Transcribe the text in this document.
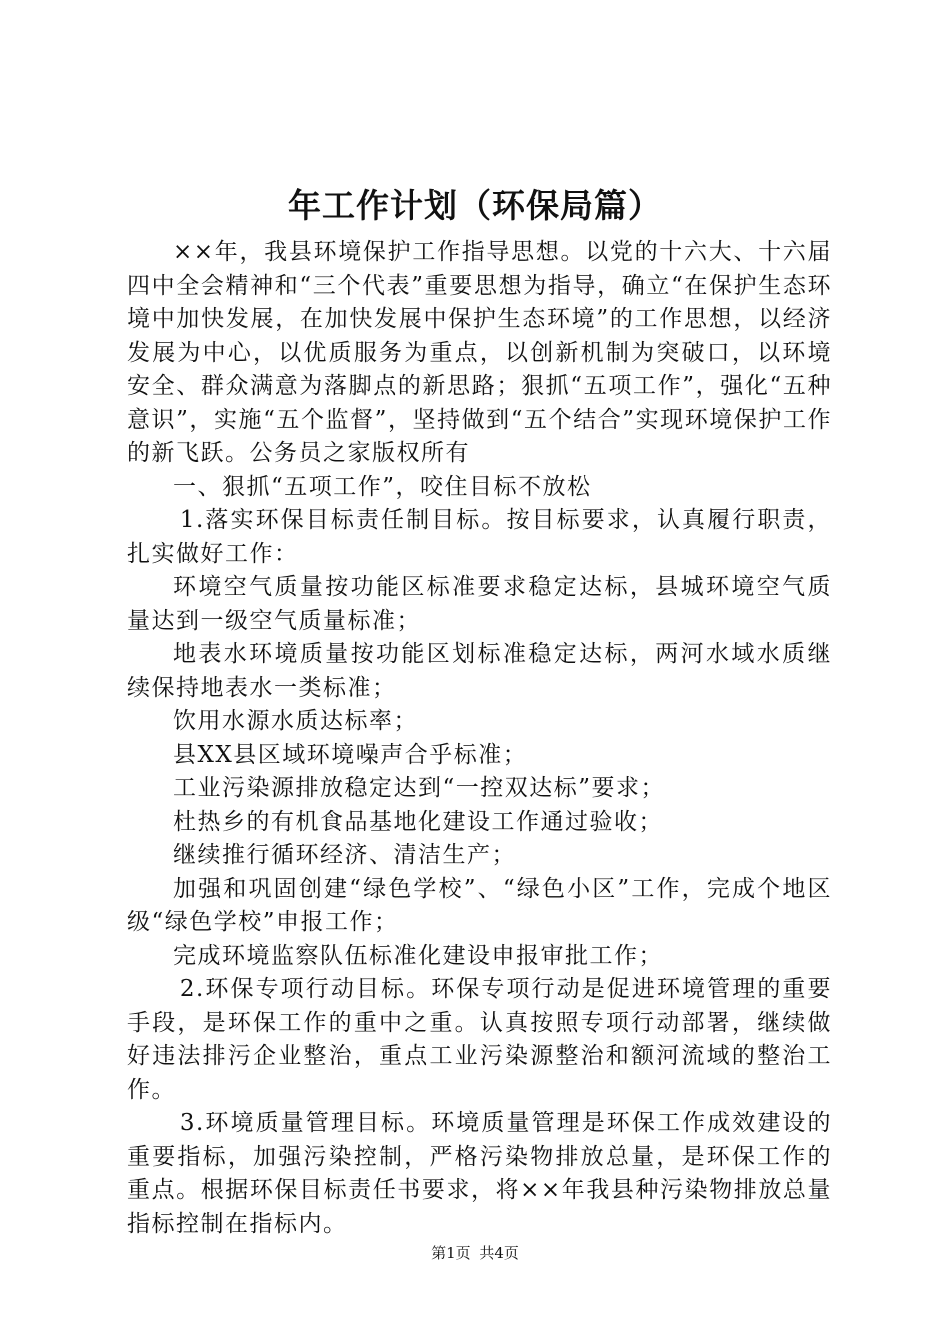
年工作计划（环保局篇）

××年，我县环境保护工作指导思想。以党的十六大、十六届四中全会精神和“三个代表”重要思想为指导，确立“在保护生态环境中加快发展，在加快发展中保护生态环境”的工作思想，以经济发展为中心，以优质服务为重点，以创新机制为突破口，以环境安全、群众满意为落脚点的新思路；狠抓“五项工作”，强化“五种意识”，实施“五个监督”，坚持做到“五个结合”实现环境保护工作的新飞跃。公务员之家版权所有

一、狠抓“五项工作”，咬住目标不放松

1.落实环保目标责任制目标。按目标要求，认真履行职责，扎实做好工作：

环境空气质量按功能区标准要求稳定达标，县城环境空气质量达到一级空气质量标准；

地表水环境质量按功能区划标准稳定达标，两河水域水质继续保持地表水一类标准；

饮用水源水质达标率；

县XX县区域环境噪声合乎标准；

工业污染源排放稳定达到“一控双达标”要求；

杜热乡的有机食品基地化建设工作通过验收；

继续推行循环经济、清洁生产；

加强和巩固创建“绿色学校”、“绿色小区”工作，完成个地区级“绿色学校”申报工作；

完成环境监察队伍标准化建设申报审批工作；

2.环保专项行动目标。环保专项行动是促进环境管理的重要手段，是环保工作的重中之重。认真按照专项行动部署，继续做好违法排污企业整治，重点工业污染源整治和额河流域的整治工作。

3.环境质量管理目标。环境质量管理是环保工作成效建设的重要指标，加强污染控制，严格污染物排放总量，是环保工作的重点。根据环保目标责任书要求，将××年我县种污染物排放总量指标控制在指标内。

第1页 共4页
